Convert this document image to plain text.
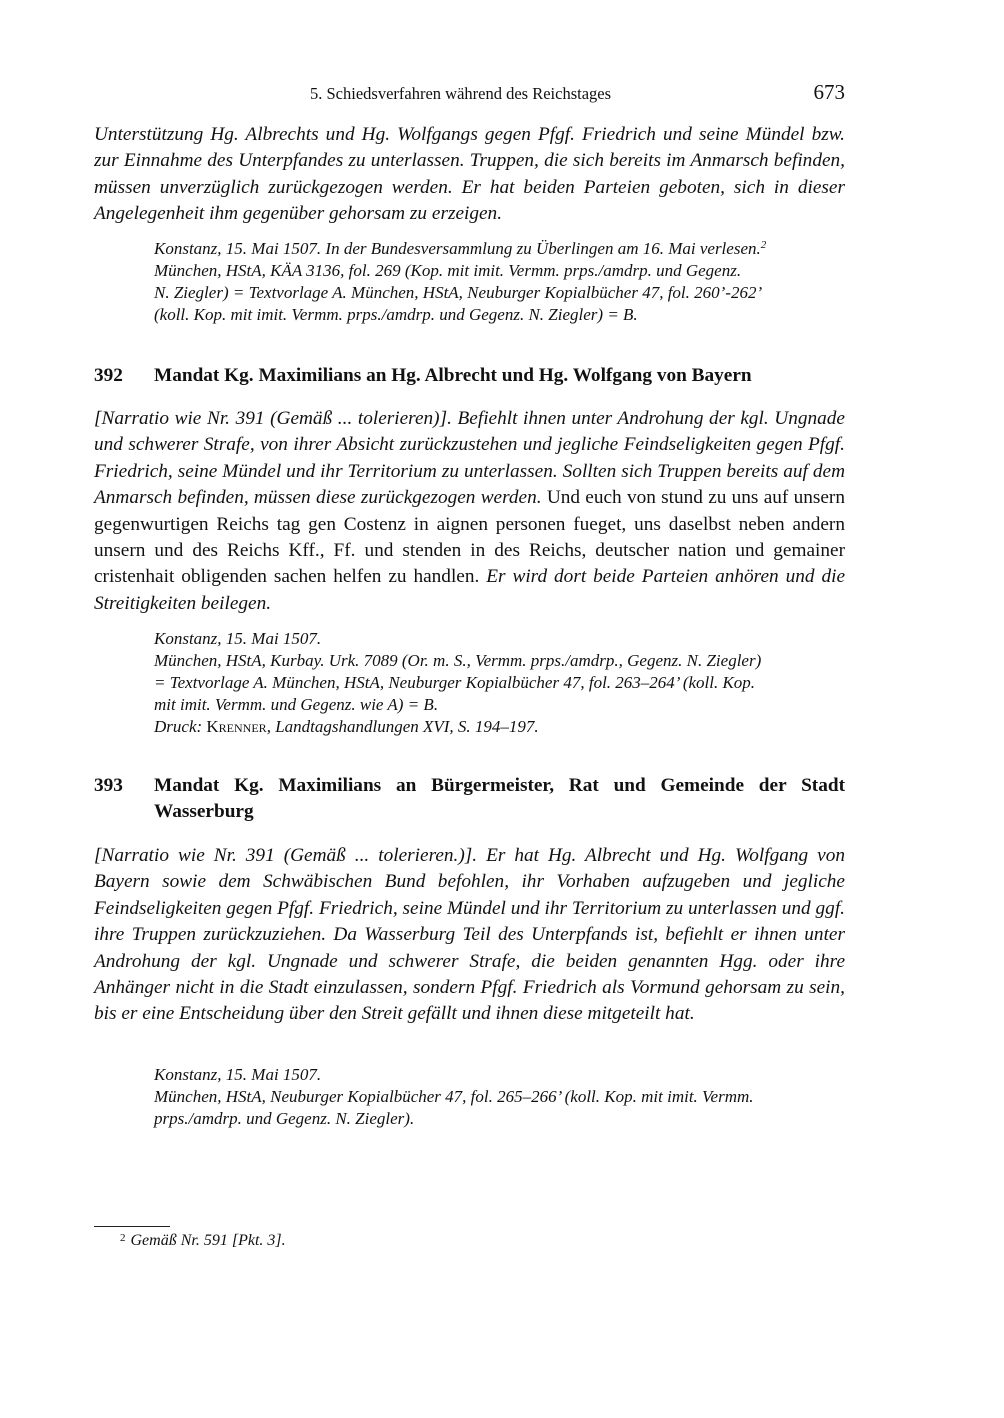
5. Schiedsverfahren während des Reichstages	673

Unterstützung Hg. Albrechts und Hg. Wolfgangs gegen Pfgf. Friedrich und seine Mündel bzw. zur Einnahme des Unterpfandes zu unterlassen. Truppen, die sich bereits im Anmarsch befinden, müssen unverzüglich zurückgezogen werden. Er hat beiden Parteien geboten, sich in dieser Angelegenheit ihm gegenüber gehorsam zu erzeigen.

Konstanz, 15. Mai 1507. In der Bundesversammlung zu Überlingen am 16. Mai verlesen.$^2$
München, HStA, KÄA 3136, fol. 269 (Kop. mit imit. Vermm. prps./amdrp. und Gegenz.
N. Ziegler) = Textvorlage A. München, HStA, Neuburger Kopialbücher 47, fol. 260’-262’
(koll. Kop. mit imit. Vermm. prps./amdrp. und Gegenz. N. Ziegler) = B.
392	Mandat Kg. Maximilians an Hg. Albrecht und Hg. Wolfgang von Bayern

[Narratio wie Nr. 391 (Gemäß ... tolerieren)]. Befiehlt ihnen unter Androhung der kgl. Ungnade und schwerer Strafe, von ihrer Absicht zurückzustehen und jegliche Feindseligkeiten gegen Pfgf. Friedrich, seine Mündel und ihr Territorium zu unterlassen. Sollten sich Truppen bereits auf dem Anmarsch befinden, müssen diese zurückgezogen werden. Und euch von stund zu uns auf unsern gegenwurtigen Reichs tag gen Costenz in aignen personen fueget, uns daselbst neben andern unsern und des Reichs Kff., Ff. und stenden in des Reichs, deutscher nation und gemainer cristenhait obligenden sachen helfen zu handlen. Er wird dort beide Parteien anhören und die Streitigkeiten beilegen.

Konstanz, 15. Mai 1507.
München, HStA, Kurbay. Urk. 7089 (Or. m. S., Vermm. prps./amdrp., Gegenz. N. Ziegler)
= Textvorlage A. München, HStA, Neuburger Kopialbücher 47, fol. 263–264’ (koll. Kop.
mit imit. Vermm. und Gegenz. wie A) = B.
Druck: Krenner, Landtagshandlungen XVI, S. 194–197.
393	Mandat Kg. Maximilians an Bürgermeister, Rat und Gemeinde der Stadt Wasserburg

[Narratio wie Nr. 391 (Gemäß ... tolerieren.)]. Er hat Hg. Albrecht und Hg. Wolfgang von Bayern sowie dem Schwäbischen Bund befohlen, ihr Vorhaben aufzugeben und jegliche Feindseligkeiten gegen Pfgf. Friedrich, seine Mündel und ihr Territorium zu unterlassen und ggf. ihre Truppen zurückzuziehen. Da Wasserburg Teil des Unterpfands ist, befiehlt er ihnen unter Androhung der kgl. Ungnade und schwerer Strafe, die beiden genannten Hgg. oder ihre Anhänger nicht in die Stadt einzulassen, sondern Pfgf. Friedrich als Vormund gehorsam zu sein, bis er eine Entscheidung über den Streit gefällt und ihnen diese mitgeteilt hat.

Konstanz, 15. Mai 1507.
München, HStA, Neuburger Kopialbücher 47, fol. 265–266’ (koll. Kop. mit imit. Vermm.
prps./amdrp. und Gegenz. N. Ziegler).
$^2$ Gemäß Nr. 591 [Pkt. 3].
